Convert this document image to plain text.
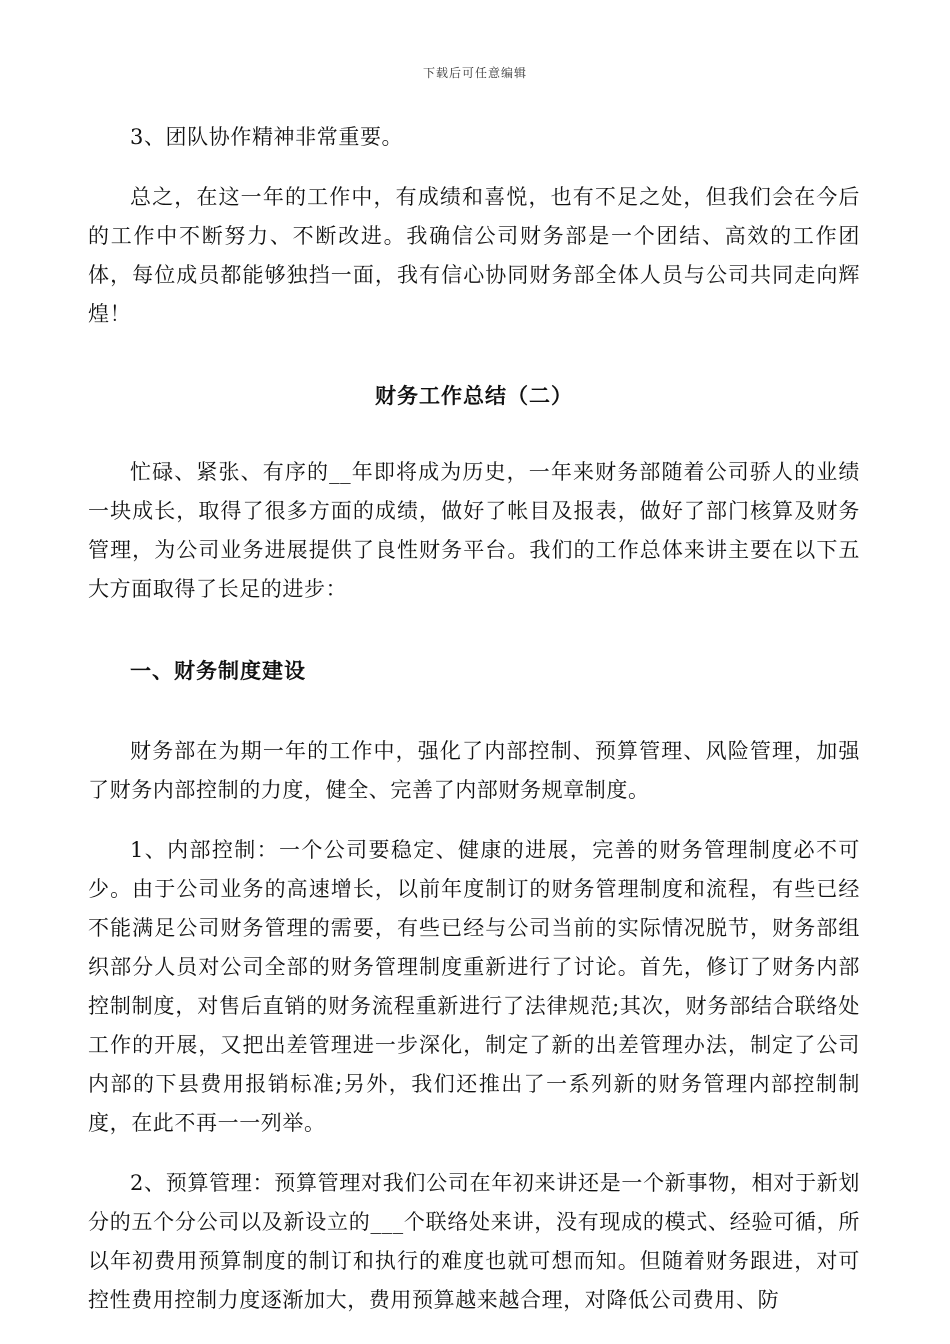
下载后可任意编辑

3、团队协作精神非常重要。

总之，在这一年的工作中，有成绩和喜悦，也有不足之处，但我们会在今后的工作中不断努力、不断改进。我确信公司财务部是一个团结、高效的工作团体，每位成员都能够独挡一面，我有信心协同财务部全体人员与公司共同走向辉煌！

财务工作总结（二）

忙碌、紧张、有序的__年即将成为历史，一年来财务部随着公司骄人的业绩一块成长，取得了很多方面的成绩，做好了帐目及报表，做好了部门核算及财务管理，为公司业务进展提供了良性财务平台。我们的工作总体来讲主要在以下五大方面取得了长足的进步：

一、财务制度建设

财务部在为期一年的工作中，强化了内部控制、预算管理、风险管理，加强了财务内部控制的力度，健全、完善了内部财务规章制度。

1、内部控制：一个公司要稳定、健康的进展，完善的财务管理制度必不可少。由于公司业务的高速增长，以前年度制订的财务管理制度和流程，有些已经不能满足公司财务管理的需要，有些已经与公司当前的实际情况脱节，财务部组织部分人员对公司全部的财务管理制度重新进行了讨论。首先，修订了财务内部控制制度，对售后直销的财务流程重新进行了法律规范;其次，财务部结合联络处工作的开展，又把出差管理进一步深化，制定了新的出差管理办法，制定了公司内部的下县费用报销标准;另外，我们还推出了一系列新的财务管理内部控制制度，在此不再一一列举。

2、预算管理：预算管理对我们公司在年初来讲还是一个新事物，相对于新划分的五个分公司以及新设立的___个联络处来讲，没有现成的模式、经验可循，所以年初费用预算制度的制订和执行的难度也就可想而知。但随着财务跟进，对可控性费用控制力度逐渐加大，费用预算越来越合理，对降低公司费用、防
